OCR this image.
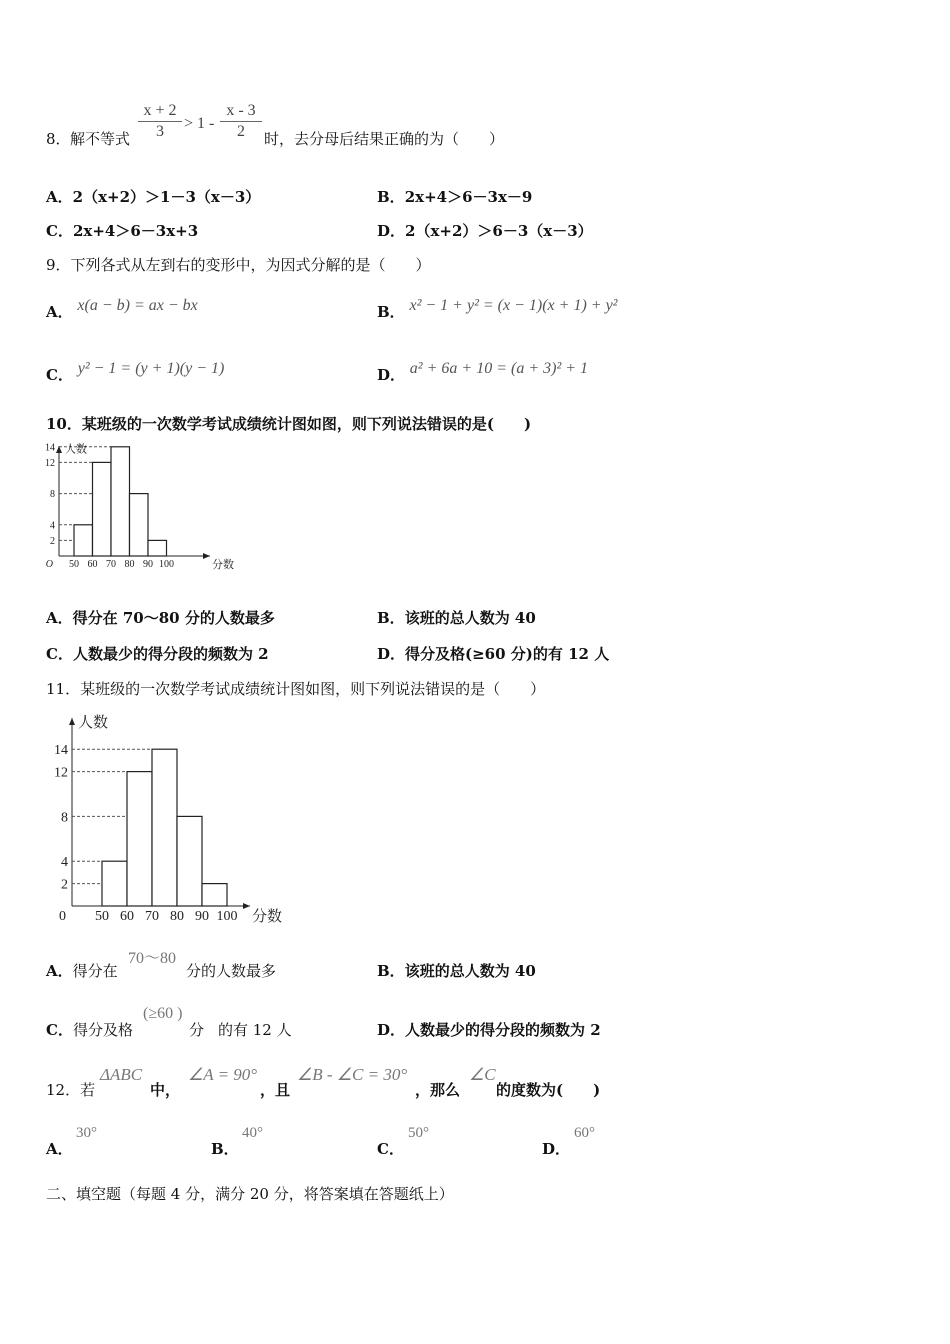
8． 解不等式
x + 2
3	> 1 -
x - 3
2	时，去分母后结果正确的为（　　）
A．2（x+2）＞1－3（x－3）	B．2x+4＞6－3x－9
C．2x+4＞6－3x+3	D．2（x+2）＞6－3（x－3）
9．下列各式从左到右的变形中，为因式分解的是（　　）
A． x(a − b) = ax − bx	B． x² − 1 + y² = (x − 1)(x + 1) + y²
C． y² − 1 = (y + 1)(y − 1)	D． a² + 6a + 10 = (a + 3)² + 1
10．某班级的一次数学考试成绩统计图如图，则下列说法错误的是(　　)
2
4
8
12
14
50 60 70 80 90 100
O	分数
人数
A．得分在 70～80 分的人数最多	B．该班的总人数为 40
C．人数最少的得分段的频数为 2	D．得分及格(≥60 分)的有 12 人
11．某班级的一次数学考试成绩统计图如图，则下列说法错误的是（　　）
2
4
8
12
14
50 60 70 80 90 100
0	分数
人数
A．得分在
70～80
分的人数最多	B．该班的总人数为 40
C．得分及格
(≥60 )
分 的有 12 人	D．人数最少的得分段的频数为 2
12．若
ΔABC
中，
∠A = 90°
，且
∠B - ∠C = 30°
，那么
∠C
的度数为(　　)
A．
30°
B．
40°
C．
50°
D．
60°
二、填空题（每题 4 分，满分 20 分，将答案填在答题纸上）
